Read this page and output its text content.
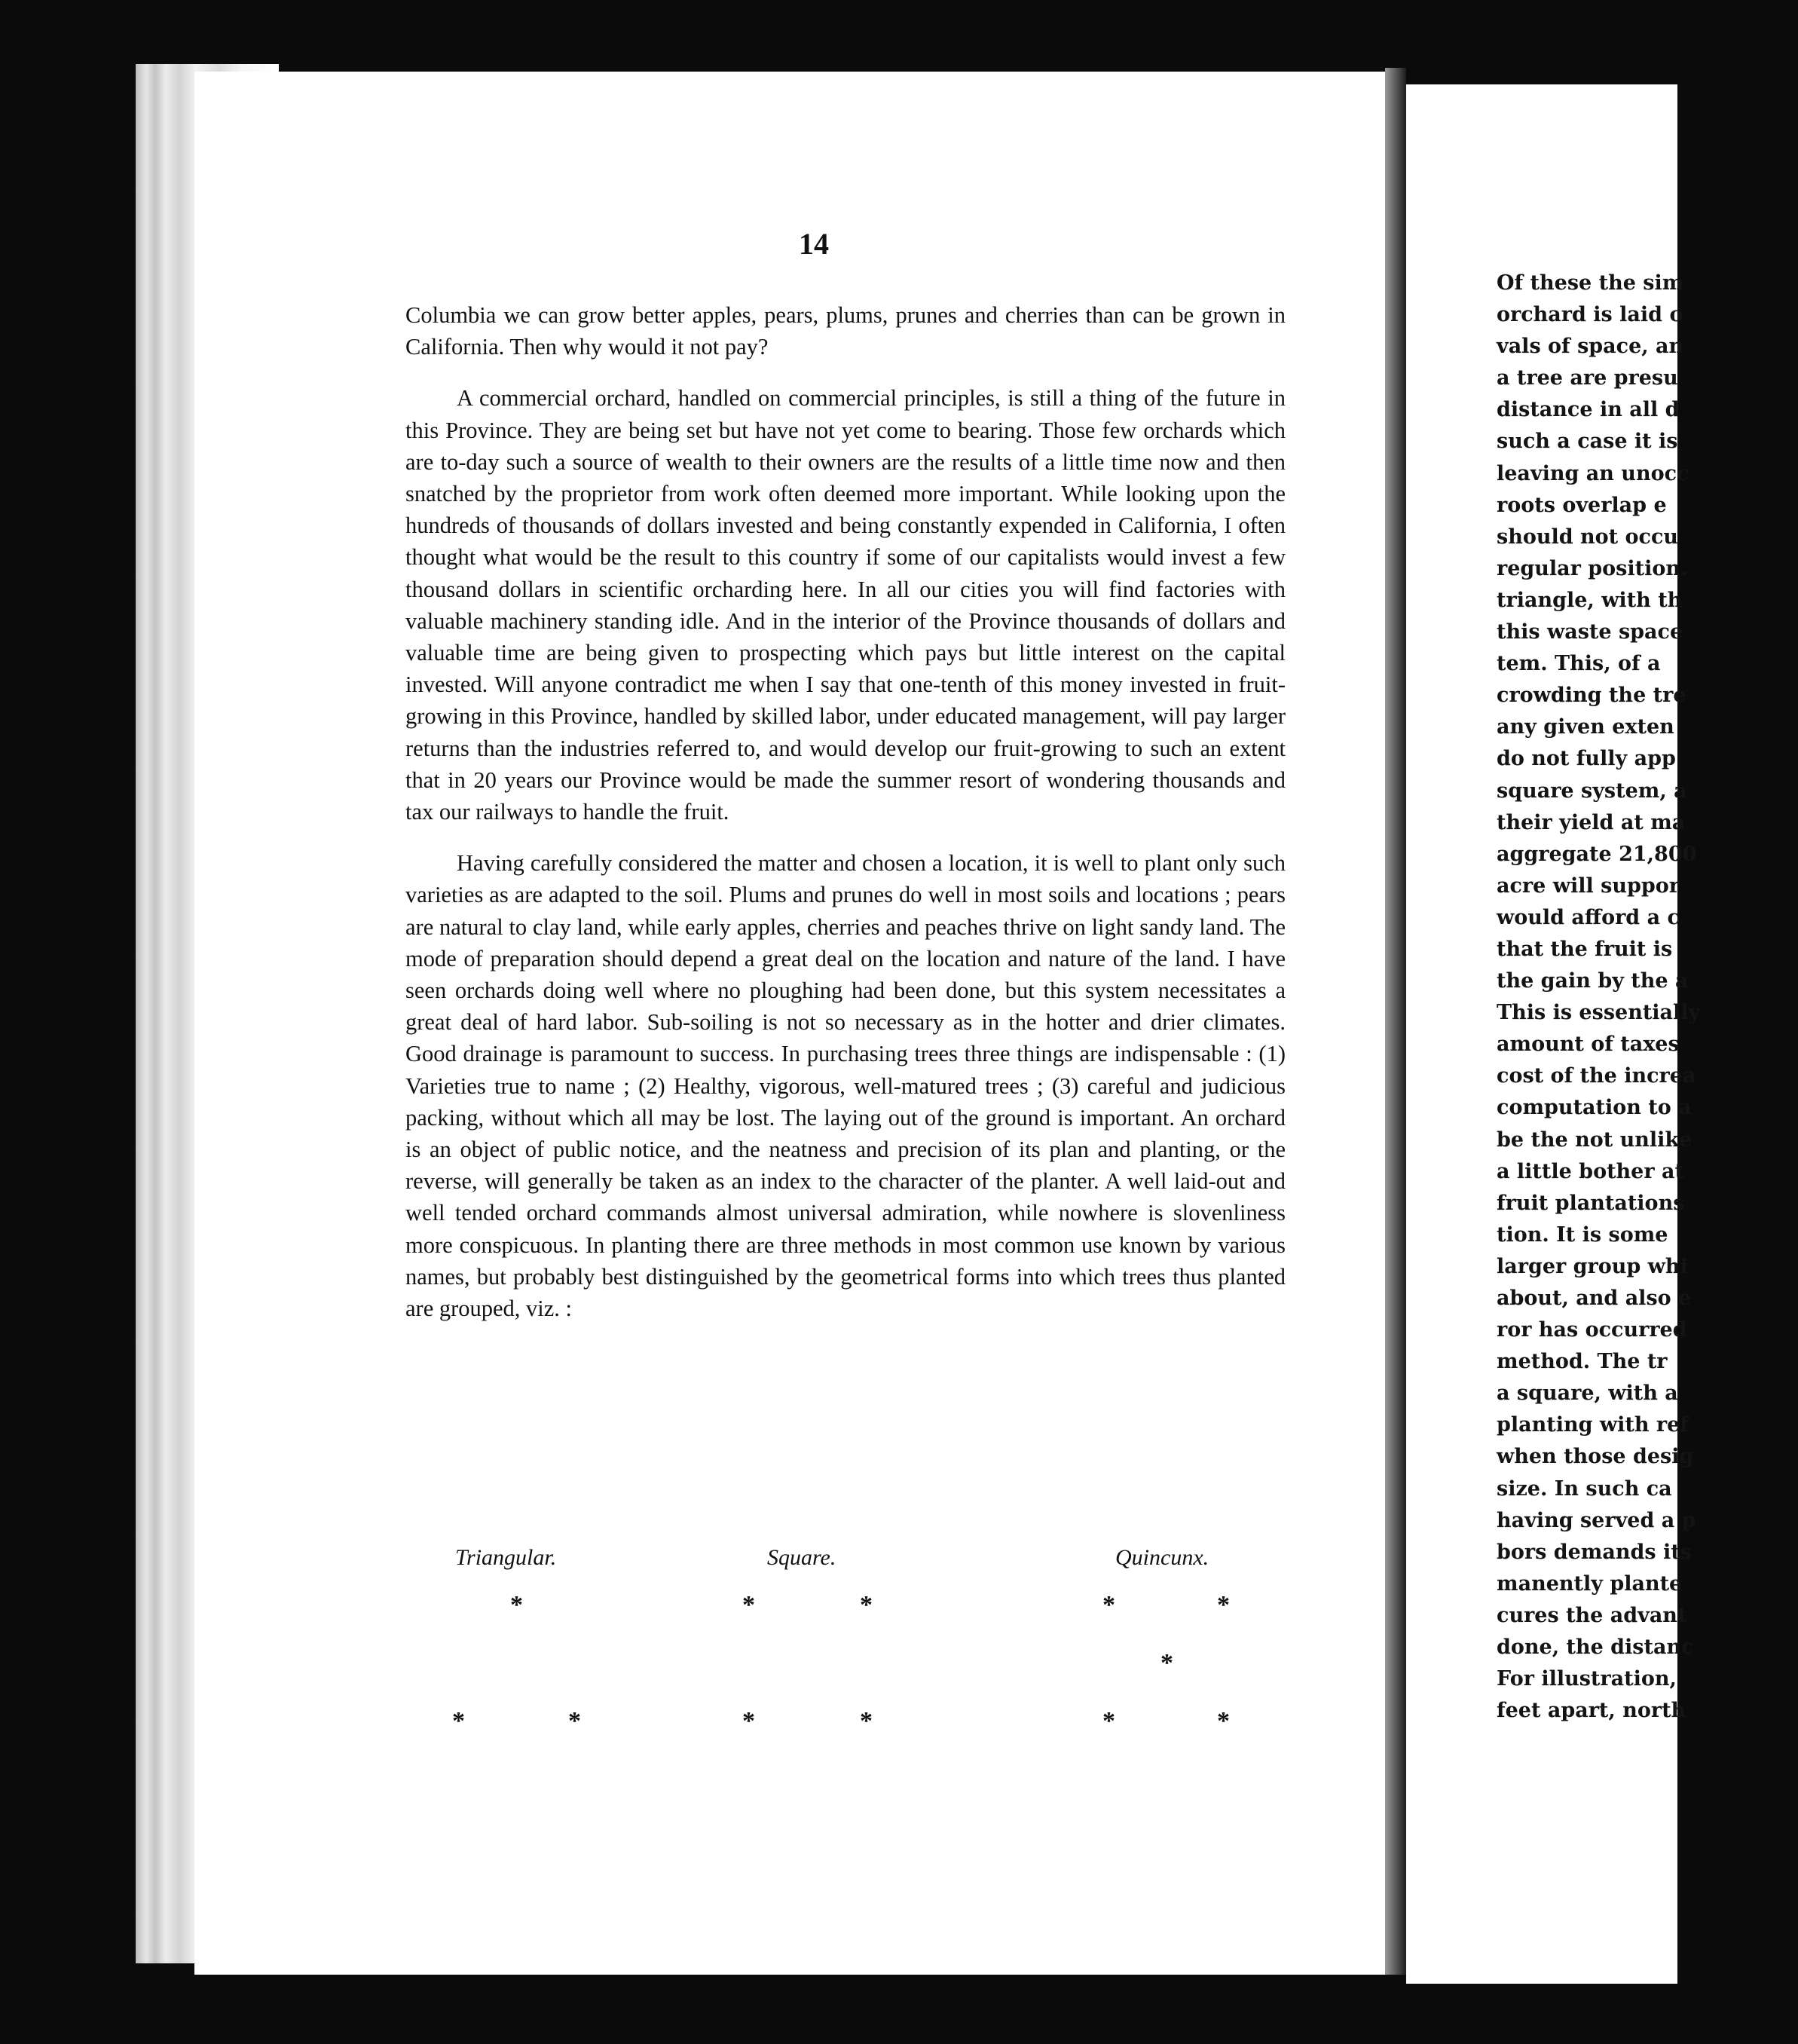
14

Columbia we can grow better apples, pears, plums, prunes and cherries than can be grown in California. Then why would it not pay?

A commercial orchard, handled on commercial principles, is still a thing of the future in this Province. They are being set but have not yet come to bearing. Those few orchards which are to-day such a source of wealth to their owners are the results of a little time now and then snatched by the proprietor from work often deemed more important. While looking upon the hundreds of thousands of dollars invested and being constantly expended in California, I often thought what would be the result to this country if some of our capitalists would invest a few thousand dollars in scientific orcharding here. In all our cities you will find factories with valuable machinery standing idle. And in the interior of the Province thousands of dollars and valuable time are being given to prospecting which pays but little interest on the capital invested. Will anyone contradict me when I say that one-tenth of this money invested in fruit-growing in this Province, handled by skilled labor, under educated management, will pay larger returns than the industries referred to, and would develop our fruit-growing to such an extent that in 20 years our Province would be made the summer resort of wondering thousands and tax our railways to handle the fruit.

Having carefully considered the matter and chosen a location, it is well to plant only such varieties as are adapted to the soil. Plums and prunes do well in most soils and locations ; pears are natural to clay land, while early apples, cherries and peaches thrive on light sandy land. The mode of preparation should depend a great deal on the location and nature of the land. I have seen orchards doing well where no ploughing had been done, but this system necessitates a great deal of hard labor. Sub-soiling is not so necessary as in the hotter and drier climates. Good drainage is paramount to success. In purchasing trees three things are indispensable : (1) Varieties true to name ; (2) Healthy, vigorous, well-matured trees ; (3) careful and judicious packing, without which all may be lost. The laying out of the ground is important. An orchard is an object of public notice, and the neatness and precision of its plan and planting, or the reverse, will generally be taken as an index to the character of the planter. A well laid-out and well tended orchard commands almost universal admiration, while nowhere is slovenliness more conspicuous. In planting there are three methods in most common use known by various names, but probably best distinguished by the geometrical forms into which trees thus planted are grouped, viz. :

Triangular.	Square.	Quincunx.
*
*	*
*	*
*	*
*	*
*
*	*
Of these the sim
orchard is laid o
vals of space, an
a tree are presu
distance in all d
such a case it is
leaving an unocc
roots overlap e
should not occu
regular position.
triangle, with th
this waste space
tem. This, of a
crowding the tre
any given exten
do not fully app
square system, a
their yield at ma
aggregate 21,800
acre will suppor
would afford a c
that the fruit is
the gain by the a
This is essentially
amount of taxes
cost of the increa
computation to a
be the not unlike
a little bother at
fruit plantations
tion. It is some
larger group whi
about, and also e
ror has occurred
method. The tr
a square, with a
planting with ref
when those desig
size. In such ca
having served a p
bors demands its
manently plante
cures the advant
done, the distanc
For illustration,
feet apart, north
